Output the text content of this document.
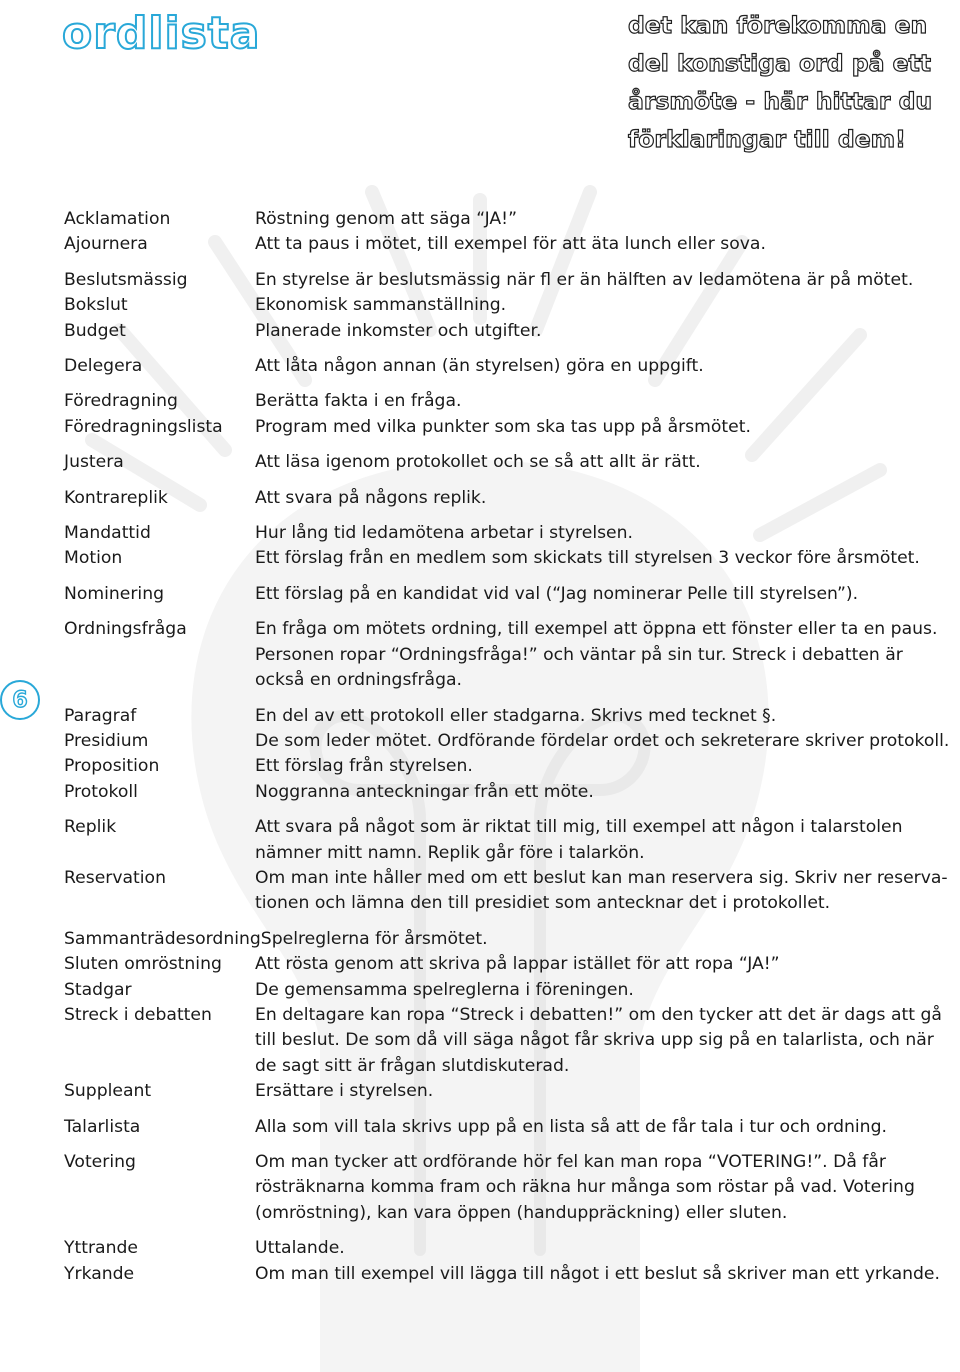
ordlista	det kan förekomma en del konstiga ord på ett årsmöte - här hittar du förklaringar till dem!
6
Acklamation	Röstning genom att säga “JA!”
Ajournera	Att ta paus i mötet, till exempel för att äta lunch eller sova.
Beslutsmässig	En styrelse är beslutsmässig när fl er än hälften av ledamötena är på mötet.
Bokslut	Ekonomisk sammanställning.
Budget	Planerade inkomster och utgifter.
Delegera	Att låta någon annan (än styrelsen) göra en uppgift.
Föredragning	Berätta fakta i en fråga.
Föredragningslista	Program med vilka punkter som ska tas upp på årsmötet.
Justera	Att läsa igenom protokollet och se så att allt är rätt.
Kontrareplik	Att svara på någons replik.
Mandattid	Hur lång tid ledamötena arbetar i styrelsen.
Motion	Ett förslag från en medlem som skickats till styrelsen 3 veckor före årsmötet.
Nominering	Ett förslag på en kandidat vid val (“Jag nominerar Pelle till styrelsen”).
Ordningsfråga	En fråga om mötets ordning, till exempel att öppna ett fönster eller ta en paus. Personen ropar “Ordningsfråga!” och väntar på sin tur. Streck i debatten är också en ordningsfråga.
Paragraf	En del av ett protokoll eller stadgarna. Skrivs med tecknet §.
Presidium	De som leder mötet. Ordförande fördelar ordet och sekreterare skriver protokoll.
Proposition	Ett förslag från styrelsen.
Protokoll	Noggranna anteckningar från ett möte.
Replik	Att svara på något som är riktat till mig, till exempel att någon i talarstolen nämner mitt namn. Replik går före i talarkön.
Reservation	Om man inte håller med om ett beslut kan man reservera sig. Skriv ner reserva-tionen och lämna den till presidiet som antecknar det i protokollet.
Sammanträdesordning Spelreglerna för årsmötet.
Sluten omröstning	Att rösta genom att skriva på lappar istället för att ropa “JA!”
Stadgar	De gemensamma spelreglerna i föreningen.
Streck i debatten	En deltagare kan ropa “Streck i debatten!” om den tycker att det är dags att gå till beslut. De som då vill säga något får skriva upp sig på en talarlista, och när de sagt sitt är frågan slutdiskuterad.
Suppleant	Ersättare i styrelsen.
Talarlista	Alla som vill tala skrivs upp på en lista så att de får tala i tur och ordning.
Votering	Om man tycker att ordförande hör fel kan man ropa “VOTERING!”. Då får rösträknarna komma fram och räkna hur många som röstar på vad. Votering (omröstning), kan vara öppen (handuppräckning) eller sluten.
Yttrande	Uttalande.
Yrkande	Om man till exempel vill lägga till något i ett beslut så skriver man ett yrkande.
